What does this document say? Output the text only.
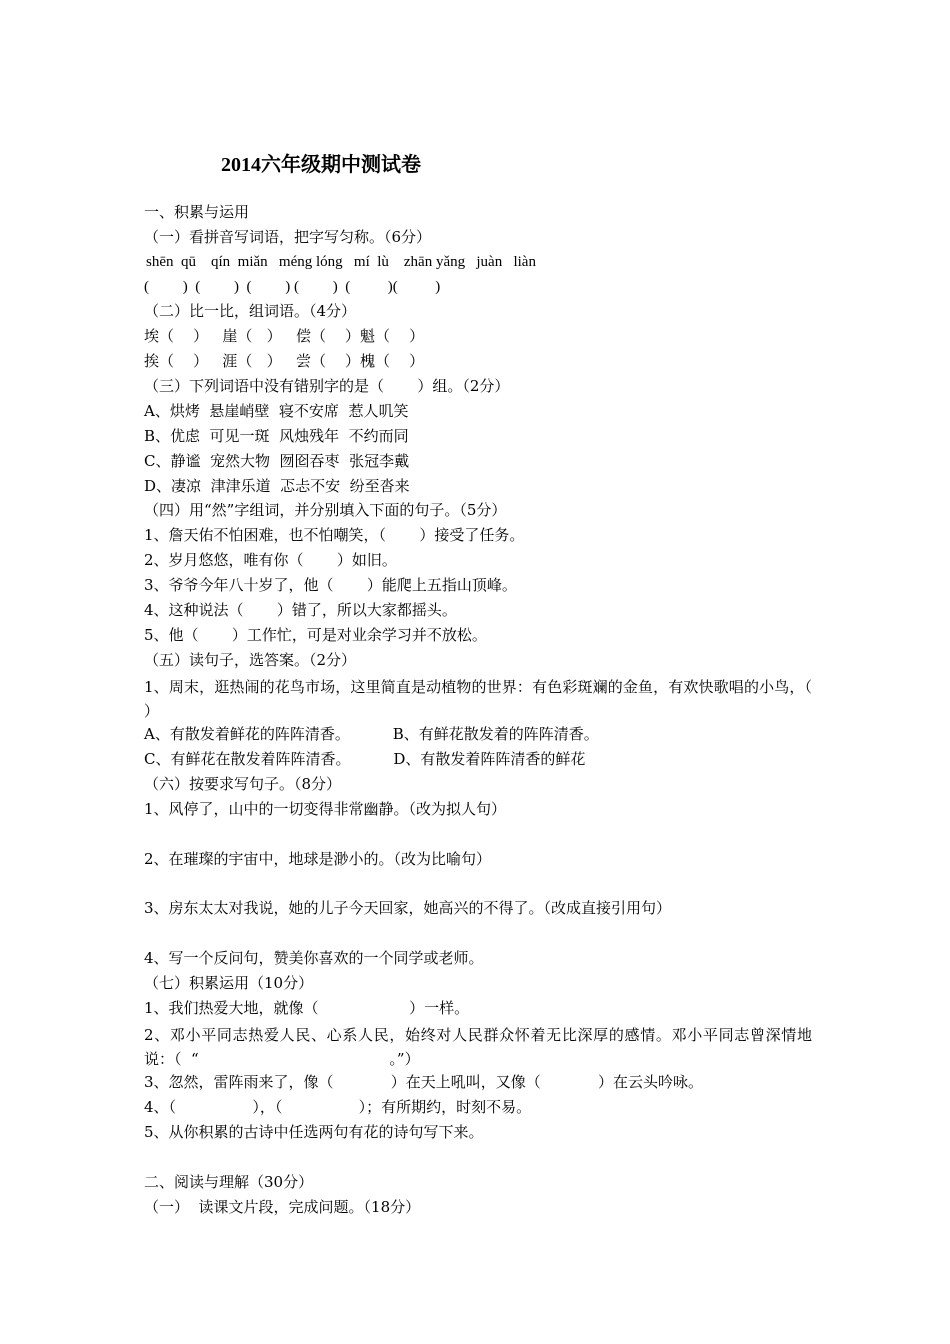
2014六年级期中测试卷
一、积累与运用
（一）看拼音写词语，把字写匀称。（6分）
shēn  qū    qín  miǎn   méng lóng   mí  lù    zhān yǎng   juàn   liàn
(         )  (         )  (         ) (         )  (          )(          )
（二）比一比，组词语。（4分）
埃（    ）   崖（   ）   偿（    ）魁（    ）
挨（    ）   涯（   ）   尝（    ）槐（    ）
（三）下列词语中没有错别字的是（       ）组。（2分）
A、烘烤  悬崖峭壁  寝不安席  惹人叽笑
B、优虑  可见一斑  风烛残年  不约而同
C、静谧  宠然大物  囫囵吞枣  张冠李戴
D、凄凉  津津乐道  忑忐不安  纷至沓来
（四）用“然”字组词，并分别填入下面的句子。（5分）
1、詹天佑不怕困难，也不怕嘲笑，（       ）接受了任务。
2、岁月悠悠，唯有你（       ）如旧。
3、爷爷今年八十岁了，他（       ）能爬上五指山顶峰。
4、这种说法（       ）错了，所以大家都摇头。
5、他（       ）工作忙，可是对业余学习并不放松。
（五）读句子，选答案。（2分）
1、周末，逛热闹的花鸟市场，这里简直是动植物的世界：有色彩斑斓的金鱼，有欢快歌唱的小鸟，（     ）
A、有散发着鲜花的阵阵清香。         B、有鲜花散发着的阵阵清香。
C、有鲜花在散发着阵阵清香。         D、有散发着阵阵清香的鲜花
（六）按要求写句子。（8分）
1、风停了，山中的一切变得非常幽静。（改为拟人句）
2、在璀璨的宇宙中，地球是渺小的。（改为比喻句）
3、房东太太对我说，她的儿子今天回家，她高兴的不得了。（改成直接引用句）
4、写一个反问句，赞美你喜欢的一个同学或老师。
（七）积累运用（10分）
1、我们热爱大地，就像（                   ）一样。
2、邓小平同志热爱人民、心系人民，始终对人民群众怀着无比深厚的感情。邓小平同志曾深情地说：（  “                                        。”）
3、忽然，雷阵雨来了，像（            ）在天上吼叫，又像（            ）在云头吟咏。
4、（                ），（                ）；有所期约，时刻不易。
5、从你积累的古诗中任选两句有花的诗句写下来。
二、阅读与理解（30分）
（一）  读课文片段，完成问题。（18分）
